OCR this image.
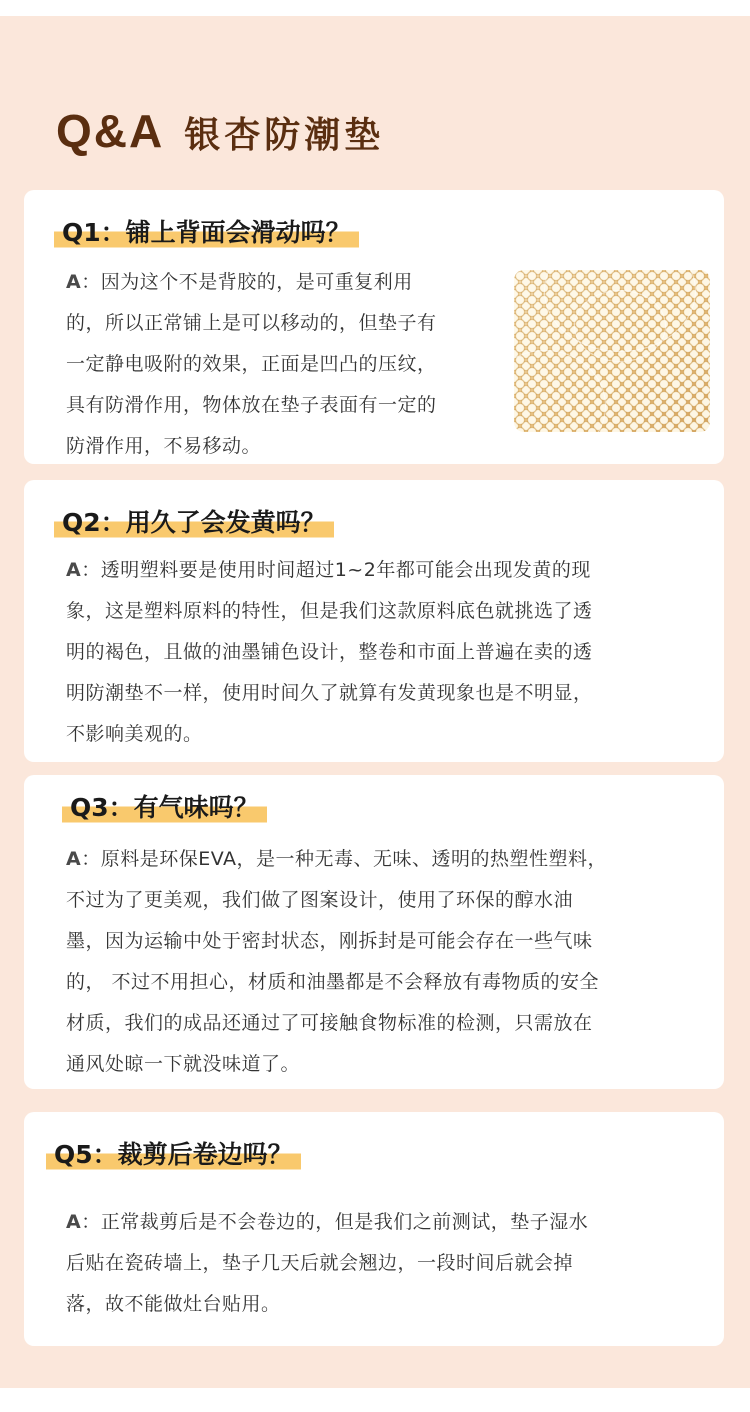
Q&A 银杏防潮垫
Q1：铺上背面会滑动吗？
A：因为这个不是背胶的，是可重复利用
的，所以正常铺上是可以移动的，但垫子有
一定静电吸附的效果，正面是凹凸的压纹，
具有防滑作用，物体放在垫子表面有一定的
防滑作用，不易移动。
Q2：用久了会发黄吗？
A：透明塑料要是使用时间超过1~2年都可能会出现发黄的现
象，这是塑料原料的特性，但是我们这款原料底色就挑选了透
明的褐色，且做的油墨铺色设计，整卷和市面上普遍在卖的透
明防潮垫不一样，使用时间久了就算有发黄现象也是不明显，
不影响美观的。
Q3：有气味吗？
A：原料是环保EVA，是一种无毒、无味、透明的热塑性塑料，
不过为了更美观，我们做了图案设计，使用了环保的醇水油
墨，因为运输中处于密封状态，刚拆封是可能会存在一些气味
的， 不过不用担心，材质和油墨都是不会释放有毒物质的安全
材质，我们的成品还通过了可接触食物标准的检测，只需放在
通风处晾一下就没味道了。
Q5：裁剪后卷边吗？
A：正常裁剪后是不会卷边的，但是我们之前测试，垫子湿水
后贴在瓷砖墙上，垫子几天后就会翘边，一段时间后就会掉
落，故不能做灶台贴用。
